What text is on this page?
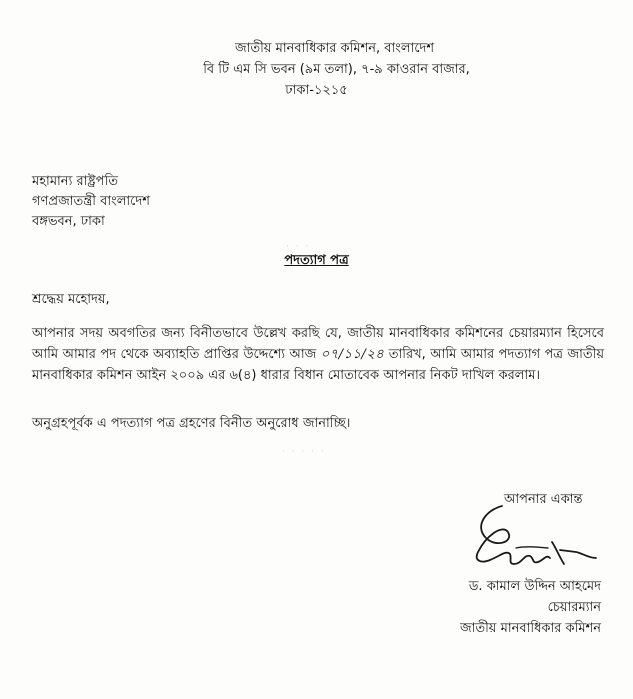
জাতীয় মানবাধিকার কমিশন, বাংলাদেশ
বি টি এম সি ভবন (৯ম তলা), ৭-৯ কাওরান বাজার,
ঢাকা-১২১৫
মহামান্য রাষ্ট্রপতি
গণপ্রজাতন্ত্রী বাংলাদেশ
বঙ্গভবন, ঢাকা
পদত্যাগ পত্র
শ্রদ্ধেয় মহোদয়,
আপনার সদয় অবগতির জন্য বিনীতভাবে উল্লেখ করছি যে, জাতীয় মানবাধিকার কমিশনের চেয়ারম্যান হিসেবে আমি আমার পদ থেকে অব্যাহতি প্রাপ্তির উদ্দেশ্যে আজ ০৭/১১/২৪ তারিখ, আমি আমার পদত্যাগ পত্র জাতীয় মানবাধিকার কমিশন আইন ২০০৯ এর ৬(৪) ধারার বিধান মোতাবেক আপনার নিকট দাখিল করলাম।
অনুগ্রহপূর্বক এ পদত্যাগ পত্র গ্রহণের বিনীত অনুরোধ জানাচ্ছি।
· · ·
· · · · ·
আপনার একান্ত
ড. কামাল উদ্দিন আহমেদ
চেয়ারম্যান
জাতীয় মানবাধিকার কমিশন
